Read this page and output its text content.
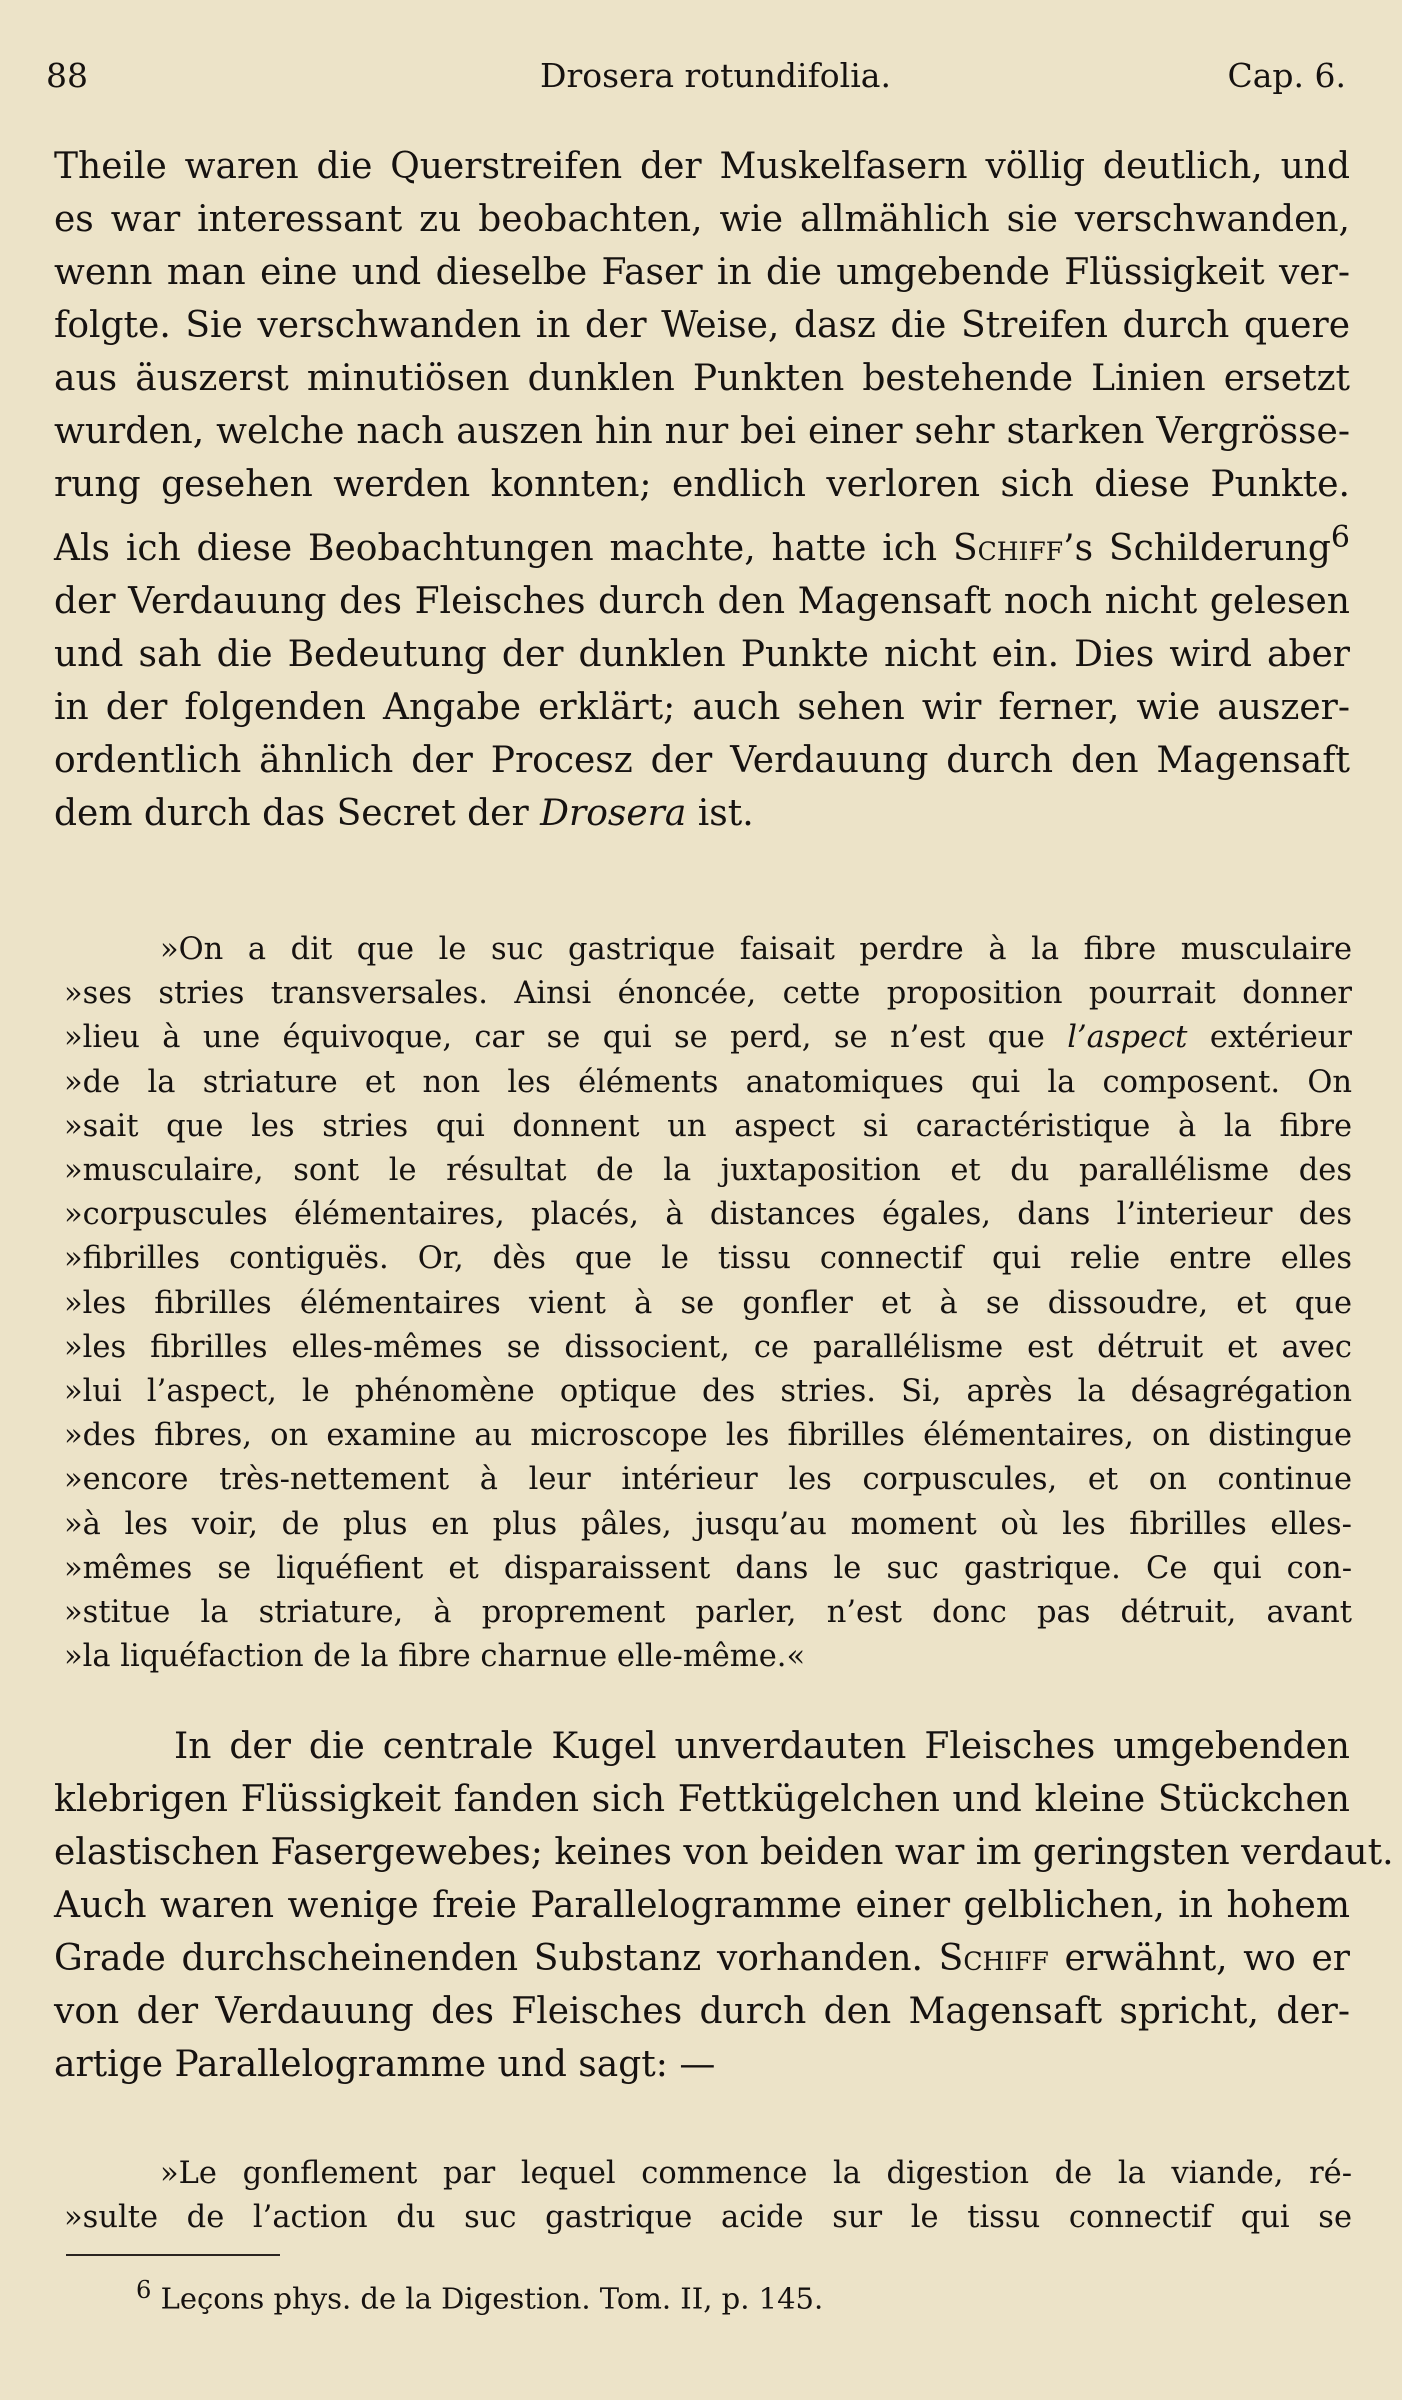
88	Drosera rotundifolia.	Cap. 6.
Theile waren die Querstreifen der Muskelfasern völlig deutlich, und
es war interessant zu beobachten, wie allmählich sie verschwanden,
wenn man eine und dieselbe Faser in die umgebende Flüssigkeit ver-
folgte. Sie verschwanden in der Weise, dasz die Streifen durch quere
aus äuszerst minutiösen dunklen Punkten bestehende Linien ersetzt
wurden, welche nach auszen hin nur bei einer sehr starken Vergrösse-
rung gesehen werden konnten; endlich verloren sich diese Punkte.
Als ich diese Beobachtungen machte, hatte ich Schiff’s Schilderung$^6$
der Verdauung des Fleisches durch den Magensaft noch nicht gelesen
und sah die Bedeutung der dunklen Punkte nicht ein. Dies wird aber
in der folgenden Angabe erklärt; auch sehen wir ferner, wie auszer-
ordentlich ähnlich der Procesz der Verdauung durch den Magensaft
dem durch das Secret der Drosera ist.
»On a dit que le suc gastrique faisait perdre à la fibre musculaire
»ses stries transversales. Ainsi énoncée, cette proposition pourrait donner
»lieu à une équivoque, car se qui se perd, se n’est que l’aspect extérieur
»de la striature et non les éléments anatomiques qui la composent. On
»sait que les stries qui donnent un aspect si caractéristique à la fibre
»musculaire, sont le résultat de la juxtaposition et du parallélisme des
»corpuscules élémentaires, placés, à distances égales, dans l’interieur des
»fibrilles contiguës. Or, dès que le tissu connectif qui relie entre elles
»les fibrilles élémentaires vient à se gonfler et à se dissoudre, et que
»les fibrilles elles-mêmes se dissocient, ce parallélisme est détruit et avec
»lui l’aspect, le phénomène optique des stries. Si, après la désagrégation
»des fibres, on examine au microscope les fibrilles élémentaires, on distingue
»encore très-nettement à leur intérieur les corpuscules, et on continue
»à les voir, de plus en plus pâles, jusqu’au moment où les fibrilles elles-
»mêmes se liquéfient et disparaissent dans le suc gastrique. Ce qui con-
»stitue la striature, à proprement parler, n’est donc pas détruit, avant
»la liquéfaction de la fibre charnue elle-même.«
In der die centrale Kugel unverdauten Fleisches umgebenden
klebrigen Flüssigkeit fanden sich Fettkügelchen und kleine Stückchen
elastischen Fasergewebes; keines von beiden war im geringsten verdaut.
Auch waren wenige freie Parallelogramme einer gelblichen, in hohem
Grade durchscheinenden Substanz vorhanden. Schiff erwähnt, wo er
von der Verdauung des Fleisches durch den Magensaft spricht, der-
artige Parallelogramme und sagt: —
»Le gonflement par lequel commence la digestion de la viande, ré-
»sulte de l’action du suc gastrique acide sur le tissu connectif qui se
$^6$ Leçons phys. de la Digestion. Tom. II, p. 145.
